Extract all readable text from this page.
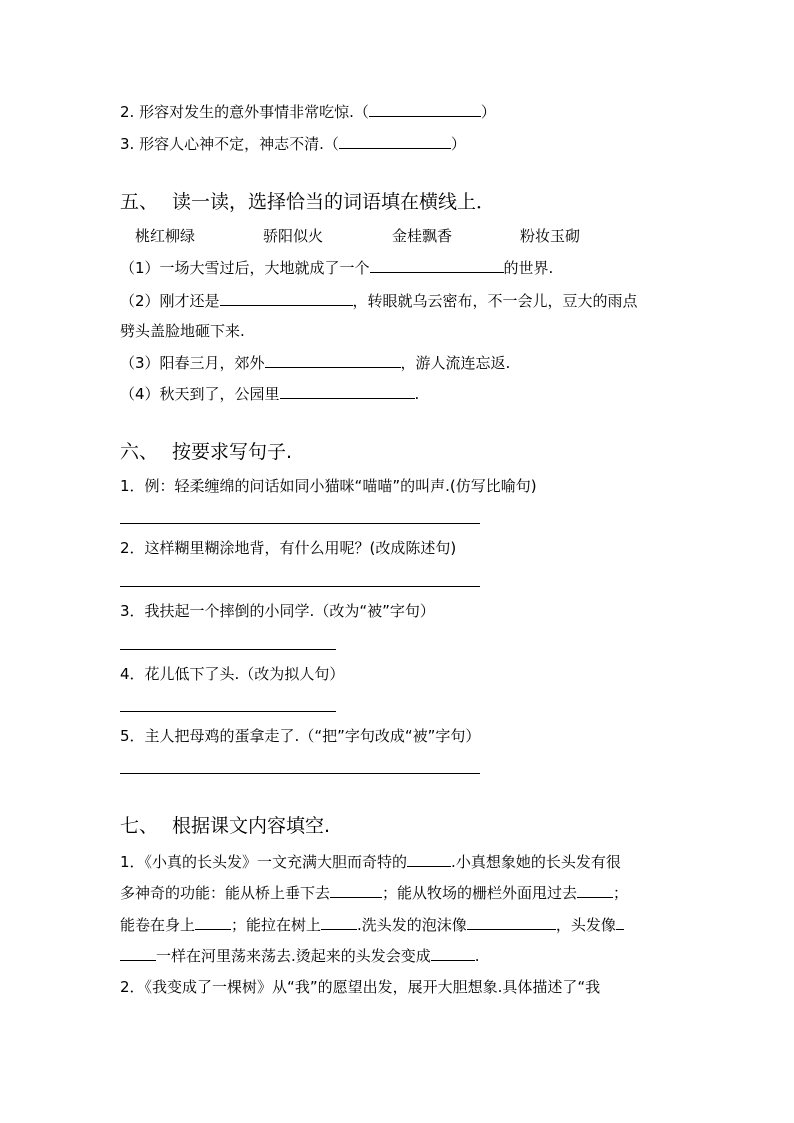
2. 形容对发生的意外事情非常吃惊.（	）
3. 形容人心神不定，神志不清.（	）
五、 读一读，选择恰当的词语填在横线上．
桃红柳绿	骄阳似火	金桂飘香	粉妆玉砌
（1）一场大雪过后，大地就成了一个	的世界.
（2）刚才还是	，转眼就乌云密布，不一会儿，豆大的雨点
劈头盖脸地砸下来.
（3）阳春三月，郊外	，游人流连忘返.
（4）秋天到了，公园里	.
六、 按要求写句子.
1．例：轻柔缠绵的问话如同小猫咪“喵喵”的叫声.(仿写比喻句)
2．这样糊里糊涂地背，有什么用呢？(改成陈述句)
3．我扶起一个摔倒的小同学.（改为“被”字句）
4．花儿低下了头.（改为拟人句）
5．主人把母鸡的蛋拿走了.（“把”字句改成“被”字句）
七、 根据课文内容填空.
1．《小真的长头发》一文充满大胆而奇特的	.小真想象她的长头发有很
多神奇的功能：能从桥上垂下去	；能从牧场的栅栏外面甩过去 ；
能卷在身上 ；能拉在树上 .洗头发的泡沫像	，头发像
一样在河里荡来荡去.烫起来的头发会变成	.
2．《我变成了一棵树》从“我”的愿望出发，展开大胆想象.具体描述了“我
